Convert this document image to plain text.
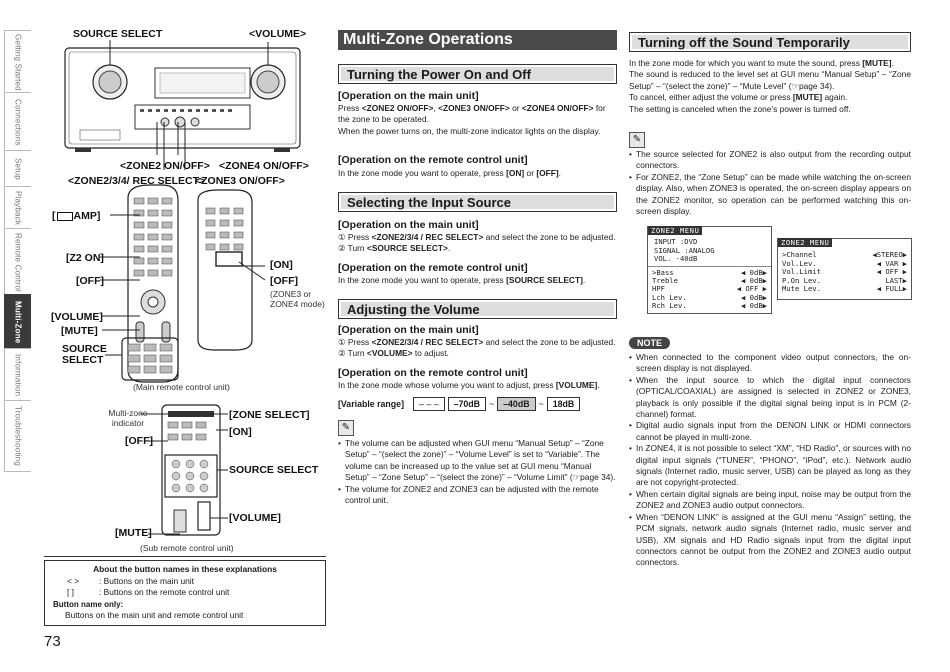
Getting Started
Connections
Setup
Playback
Remote Control
Multi-Zone
Information
Troubleshooting
SOURCE SELECT	<VOLUME>
<ZONE2 ON/OFF> <ZONE4 ON/OFF>
<ZONE2/3/4/ REC SELECT>
<ZONE3 ON/OFF>
[ AMP]
[Z2 ON]
[OFF]
[ON]
[OFF]
(ZONE3 or ZONE4 mode)
[VOLUME]
[MUTE]
SOURCE SELECT
(Main remote control unit)
Multi-zone indicator
[ZONE SELECT]
[ON]
[OFF]
SOURCE SELECT
[VOLUME]
[MUTE]
(Sub remote control unit)
About the button names in these explanations
< > : Buttons on the main unit
[ ]	: Buttons on the remote control unit
Button name only:
Buttons on the main unit and remote control unit
73
Multi-Zone Operations
Turning the Power On and Off
[Operation on the main unit]
Press <ZONE2 ON/OFF>, <ZONE3 ON/OFF> or <ZONE4 ON/OFF> for the zone to be operated.
When the power turns on, the multi-zone indicator lights on the display.
[Operation on the remote control unit]
In the zone mode you want to operate, press [ON] or [OFF].
Selecting the Input Source
[Operation on the main unit]
① Press <ZONE2/3/4 / REC SELECT> and select the zone to be adjusted.
② Turn <SOURCE SELECT>.
[Operation on the remote control unit]
In the zone mode you want to operate, press [SOURCE SELECT].
Adjusting the Volume
[Operation on the main unit]
① Press <ZONE2/3/4 / REC SELECT> and select the zone to be adjusted.
② Turn <VOLUME> to adjust.
[Operation on the remote control unit]
In the zone mode whose volume you want to adjust, press [VOLUME].
[Variable range]	– – –	–70dB	~	–40dB	~	18dB
✎
• The volume can be adjusted when GUI menu “Manual Setup” – “Zone Setup” – “(select the zone)” – “Volume Level” is set to “Variable”. The volume can be increased up to the value set at GUI menu “Manual Setup” – “Zone Setup” – “(select the zone)” – “Volume Limit” (☞page 34).
• The volume for ZONE2 and ZONE3 can be adjusted with the remote control unit.
Turning off the Sound Temporarily
In the zone mode for which you want to mute the sound, press [MUTE].
The sound is reduced to the level set at GUI menu “Manual Setup” – “Zone Setup” – “(select the zone)” – “Mute Level” (☞page 34).
To cancel, either adjust the volume or press [MUTE] again.
The setting is canceled when the zone's power is turned off.
✎
• The source selected for ZONE2 is also output from the recording output connectors.
• For ZONE2, the “Zone Setup” can be made while watching the on-screen display. Also, when ZONE3 is operated, the on-screen display appears on the ZONE2 monitor, so operation can be performed watching this on-screen display.
ZONE2 MENU
INPUT :DVD
SIGNAL :ANALOG
VOL. -40dB
>Bass	◀ 0dB▶
Treble	◀ 0dB▶
HPF	◀ OFF ▶
Lch Lev.	◀ 0dB▶
Rch Lev.	◀ 0dB▶
ZONE2 MENU
>Channel	◀STEREO▶
Vol.Lev.	◀ VAR ▶
Vol.Limit	◀ OFF ▶
P.On Lev.	LAST▶
Mute Lev.	◀ FULL▶
NOTE
• When connected to the component video output connectors, the on-screen display is not displayed.
• When the input source to which the digital input connectors (OPTICAL/COAXIAL) are assigned is selected in ZONE2 or ZONE3, playback is only possible if the digital signal being input is in PCM (2-channel) format.
• Digital audio signals input from the DENON LINK or HDMI connectors cannot be played in multi-zone.
• In ZONE4, it is not possible to select “XM”, “HD Radio”, or sources with no digital input signals (“TUNER”, “PHONO”, “iPod”, etc.). Network audio signals (Internet radio, music server, USB) can be played as long as they are not copyright-protected.
• When certain digital signals are being input, noise may be output from the ZONE2 and ZONE3 audio output connectors.
• When “DENON LINK” is assigned at the GUI menu “Assign” setting, the PCM signals, network audio signals (Internet radio, music server and USB), XM signals and HD Radio signals input from the digital input connectors cannot be output from the ZONE2 and ZONE3 audio output connectors.
